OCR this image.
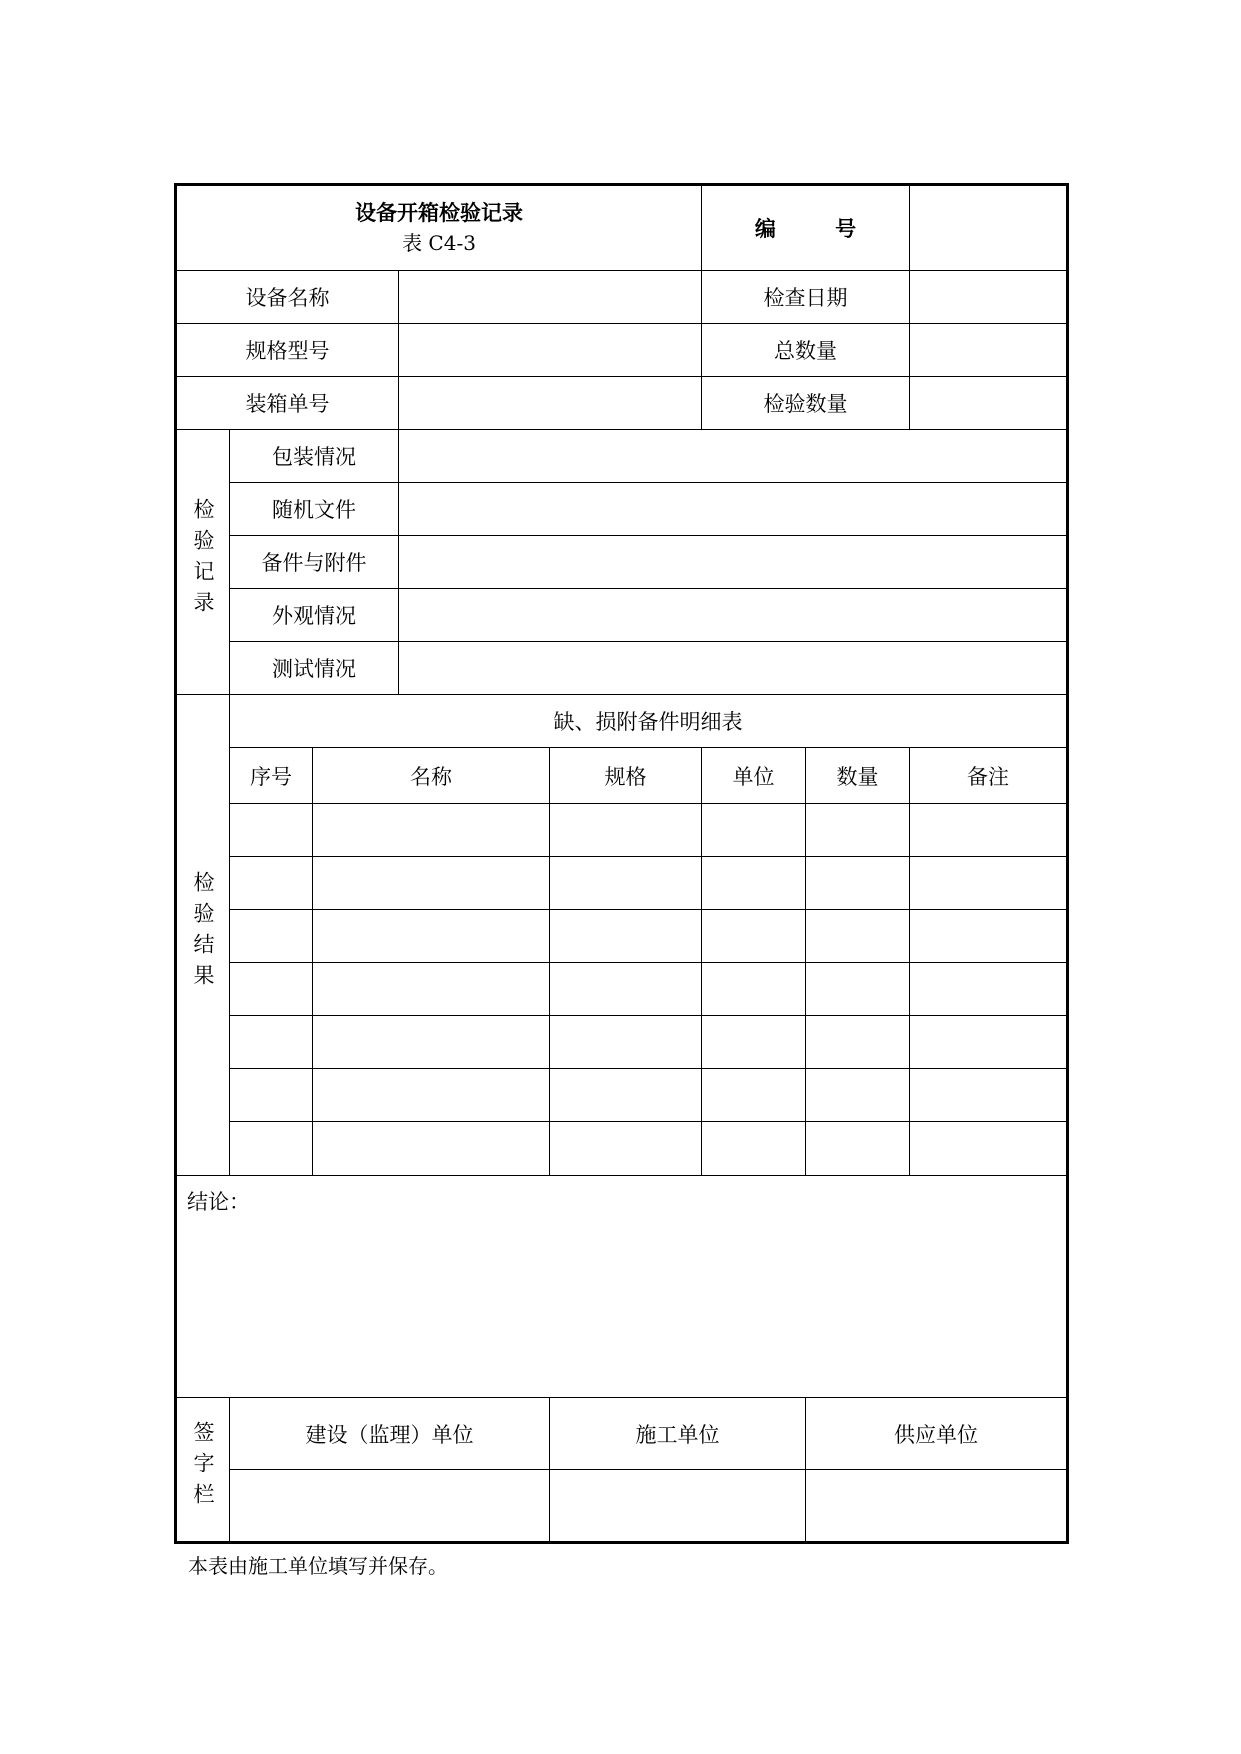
设备开箱检验记录
表 C4-3					编 号		
设备名称					检查日期		
规格型号					总数量		
装箱单号					检验数量		
检验记录	包装情况						
	随机文件						
	备件与附件						
	外观情况						
	测试情况						
检验结果	缺、损附备件明细表						
	序号	名称		规格	单位	数量	备注

结论：							
签字栏	建设（监理）单位			施工单位		供应单位	

本表由施工单位填写并保存。
